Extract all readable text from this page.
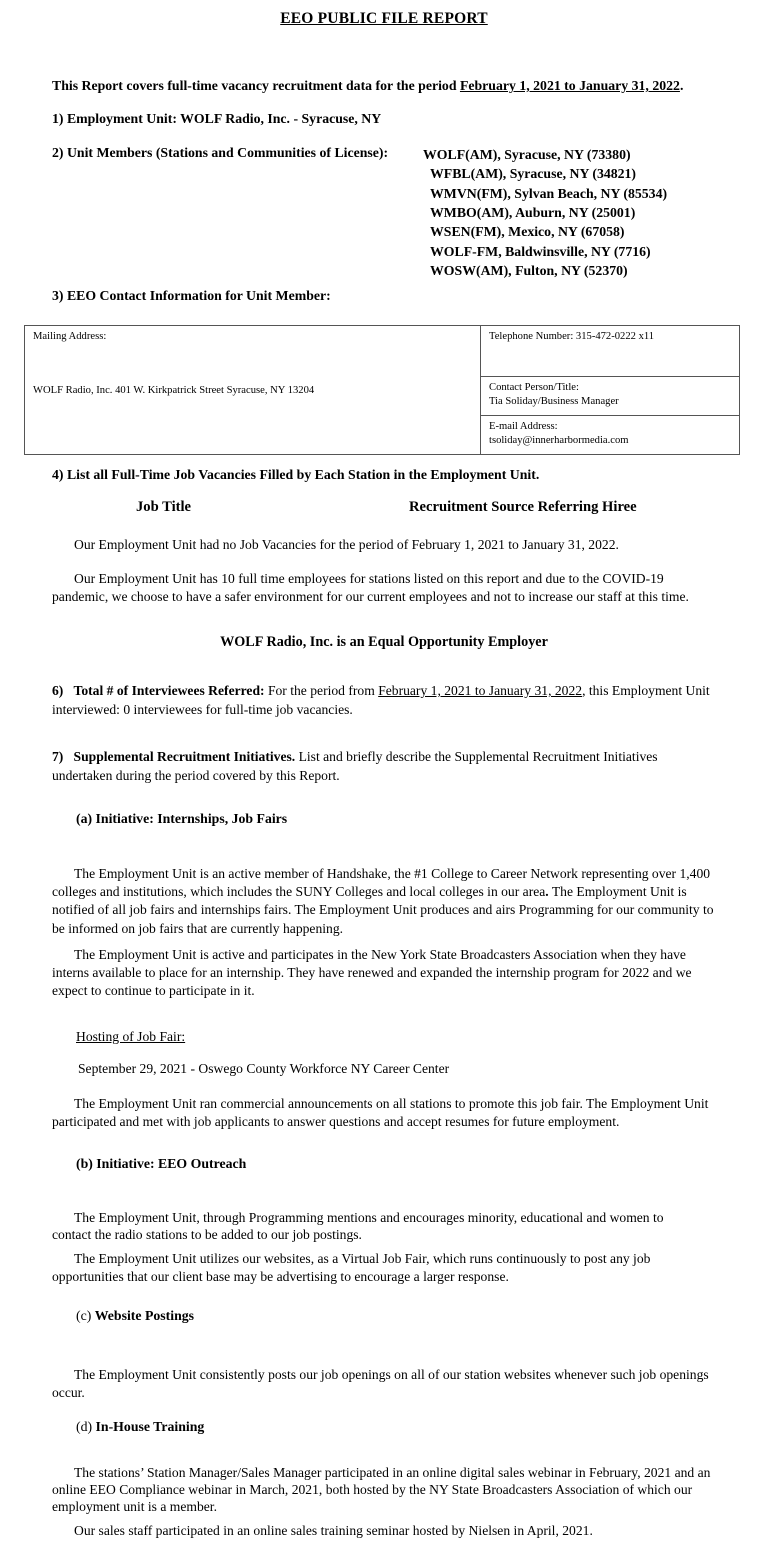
EEO PUBLIC FILE REPORT
This Report covers full-time vacancy recruitment data for the period February 1, 2021 to January 31, 2022.
1) Employment Unit: WOLF Radio, Inc. - Syracuse, NY
2) Unit Members (Stations and Communities of License):	WOLF(AM), Syracuse, NY (73380)
WFBL(AM), Syracuse, NY (34821)
WMVN(FM), Sylvan Beach, NY (85534)
WMBO(AM), Auburn, NY (25001)
WSEN(FM), Mexico, NY (67058)
WOLF-FM, Baldwinsville, NY (7716)
WOSW(AM), Fulton, NY (52370)
3) EEO Contact Information for Unit Member:
Mailing Address:
WOLF Radio, Inc. 401 W. Kirkpatrick Street Syracuse, NY 13204
	Telephone Number: 315-472-0222 x11
Contact Person/Title:
Tia Soliday/Business Manager
E-mail Address:
tsoliday@innerharbormedia.com
4) List all Full-Time Job Vacancies Filled by Each Station in the Employment Unit.
Job Title	Recruitment Source Referring Hiree
Our Employment Unit had no Job Vacancies for the period of February 1, 2021 to January 31, 2022.
Our Employment Unit has 10 full time employees for stations listed on this report and due to the COVID-19 pandemic, we choose to have a safer environment for our current employees and not to increase our staff at this time.
WOLF Radio, Inc. is an Equal Opportunity Employer
6) Total # of Interviewees Referred: For the period from February 1, 2021 to January 31, 2022, this Employment Unit interviewed: 0 interviewees for full-time job vacancies.
7) Supplemental Recruitment Initiatives. List and briefly describe the Supplemental Recruitment Initiatives undertaken during the period covered by this Report.
(a) Initiative: Internships, Job Fairs
The Employment Unit is an active member of Handshake, the #1 College to Career Network representing over 1,400 colleges and institutions, which includes the SUNY Colleges and local colleges in our area. The Employment Unit is notified of all job fairs and internships fairs. The Employment Unit produces and airs Programming for our community to be informed on job fairs that are currently happening.
The Employment Unit is active and participates in the New York State Broadcasters Association when they have interns available to place for an internship. They have renewed and expanded the internship program for 2022 and we expect to continue to participate in it.
Hosting of Job Fair:
September 29, 2021 - Oswego County Workforce NY Career Center
The Employment Unit ran commercial announcements on all stations to promote this job fair. The Employment Unit participated and met with job applicants to answer questions and accept resumes for future employment.
(b) Initiative: EEO Outreach
The Employment Unit, through Programming mentions and encourages minority, educational and women to contact the radio stations to be added to our job postings.
The Employment Unit utilizes our websites, as a Virtual Job Fair, which runs continuously to post any job opportunities that our client base may be advertising to encourage a larger response.
(c) Website Postings
The Employment Unit consistently posts our job openings on all of our station websites whenever such job openings occur.
(d) In-House Training
The stations’ Station Manager/Sales Manager participated in an online digital sales webinar in February, 2021 and an online EEO Compliance webinar in March, 2021, both hosted by the NY State Broadcasters Association of which our employment unit is a member.
Our sales staff participated in an online sales training seminar hosted by Nielsen in April, 2021.
